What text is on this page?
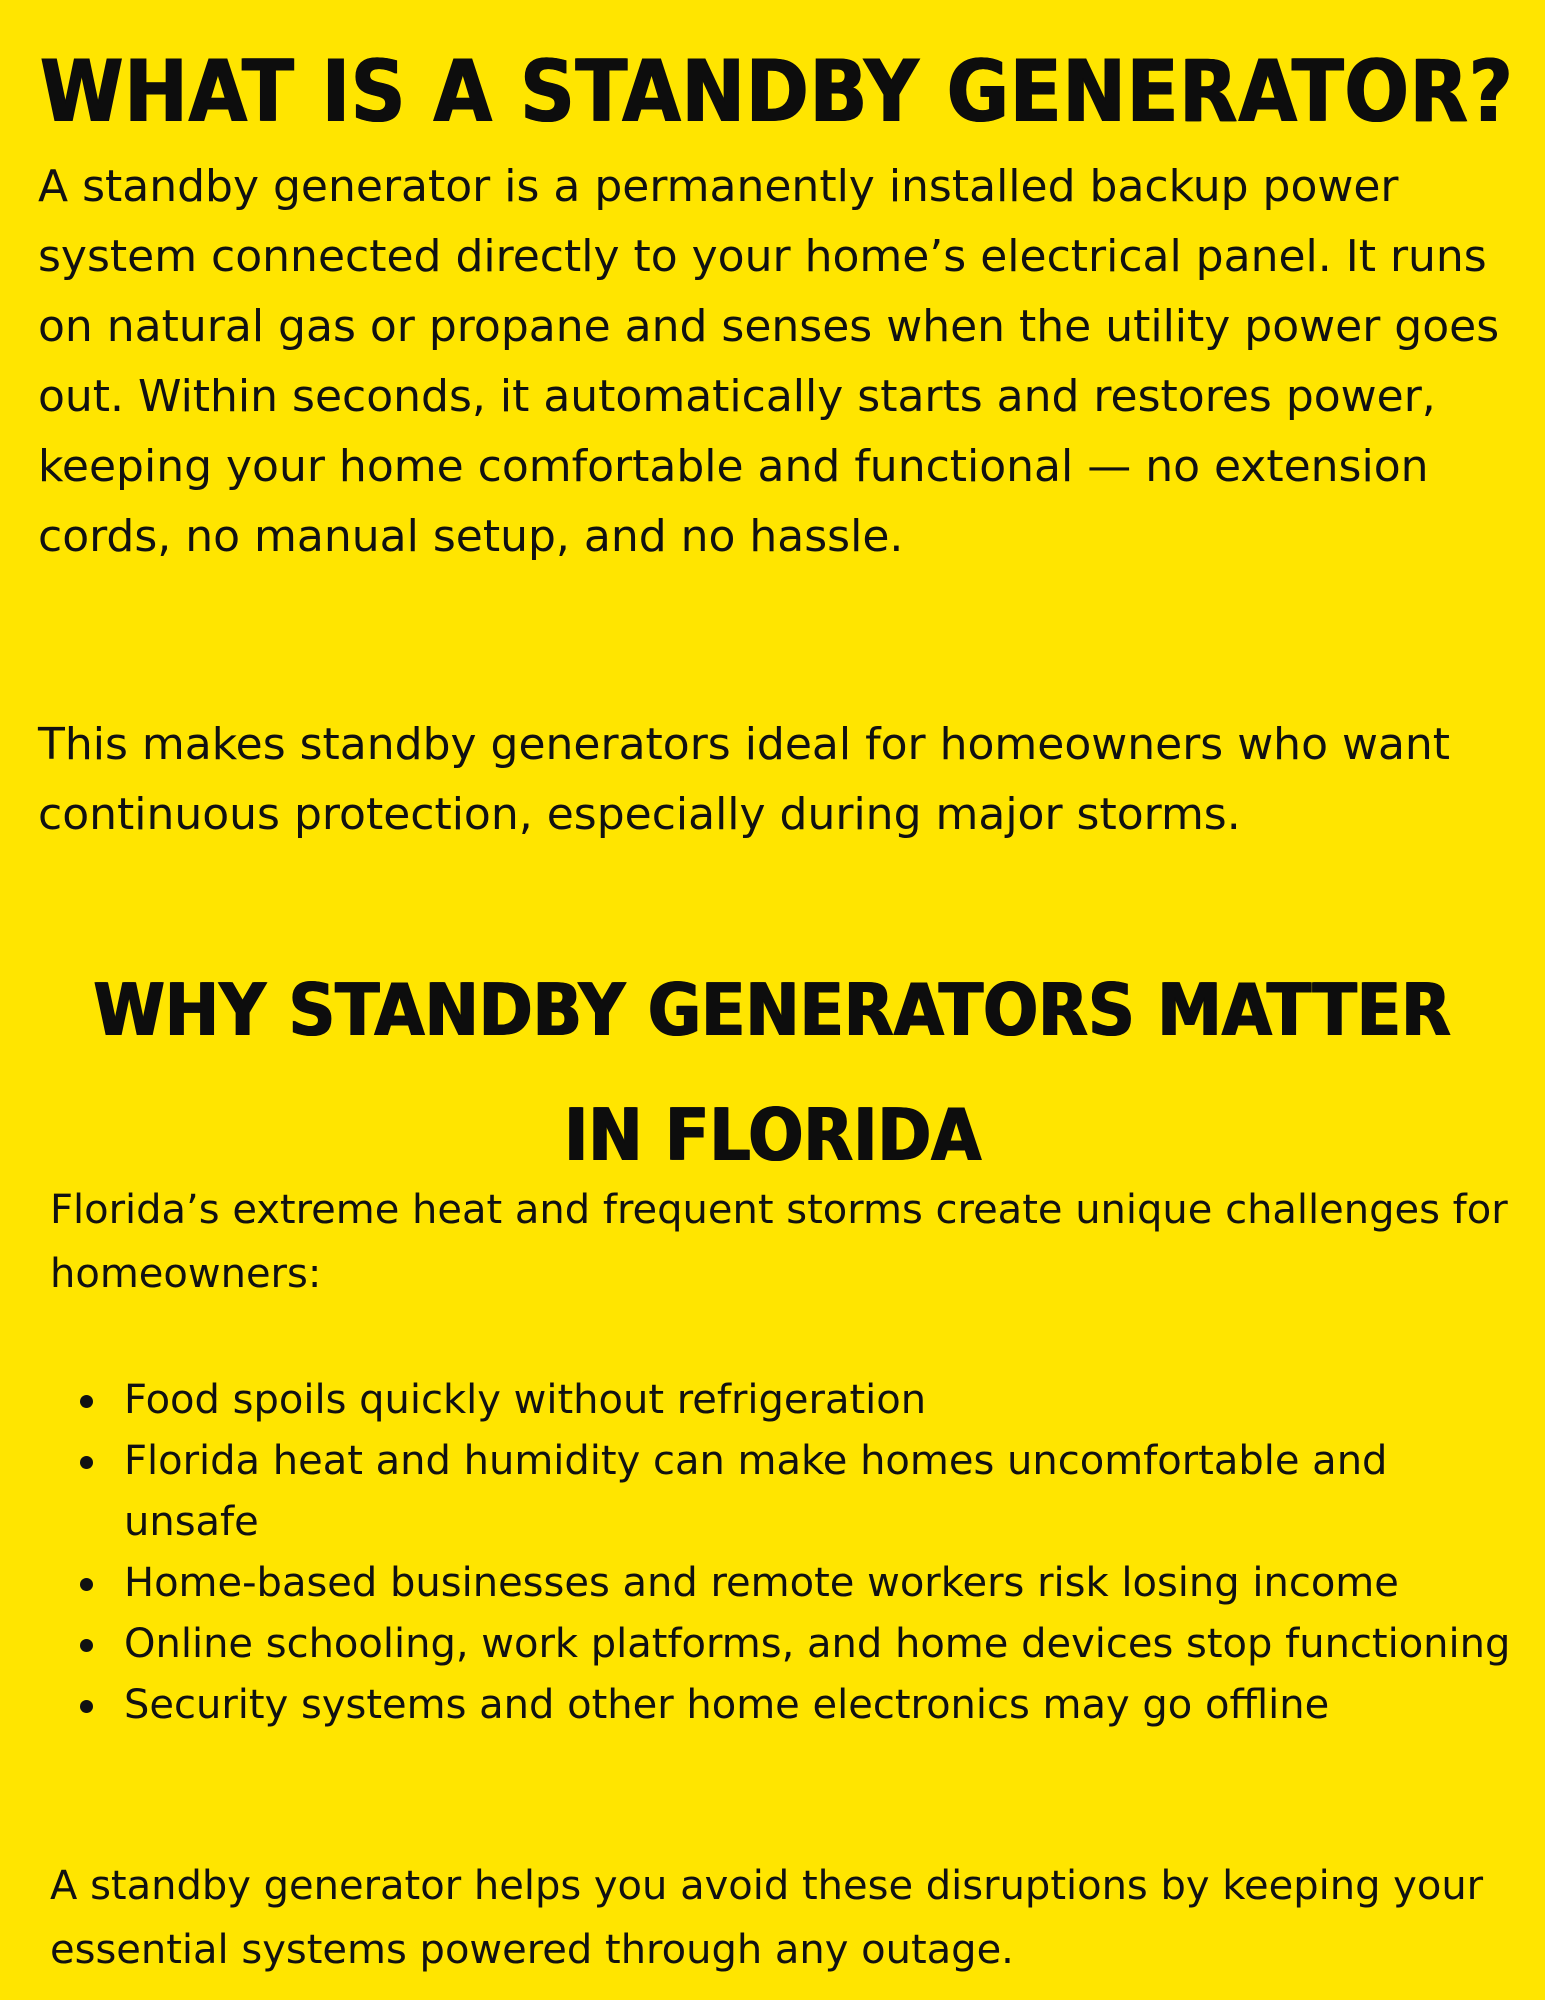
WHAT IS A STANDBY GENERATOR?

A standby generator is a permanently installed backup power system connected directly to your home’s electrical panel. It runs on natural gas or propane and senses when the utility power goes out. Within seconds, it automatically starts and restores power, keeping your home comfortable and functional — no extension cords, no manual setup, and no hassle.

This makes standby generators ideal for homeowners who want continuous protection, especially during major storms.

WHY STANDBY GENERATORS MATTER
IN FLORIDA

Florida’s extreme heat and frequent storms create unique challenges for homeowners:

Food spoils quickly without refrigeration
Florida heat and humidity can make homes uncomfortable and unsafe
Home-based businesses and remote workers risk losing income
Online schooling, work platforms, and home devices stop functioning
Security systems and other home electronics may go offline

A standby generator helps you avoid these disruptions by keeping your essential systems powered through any outage.
